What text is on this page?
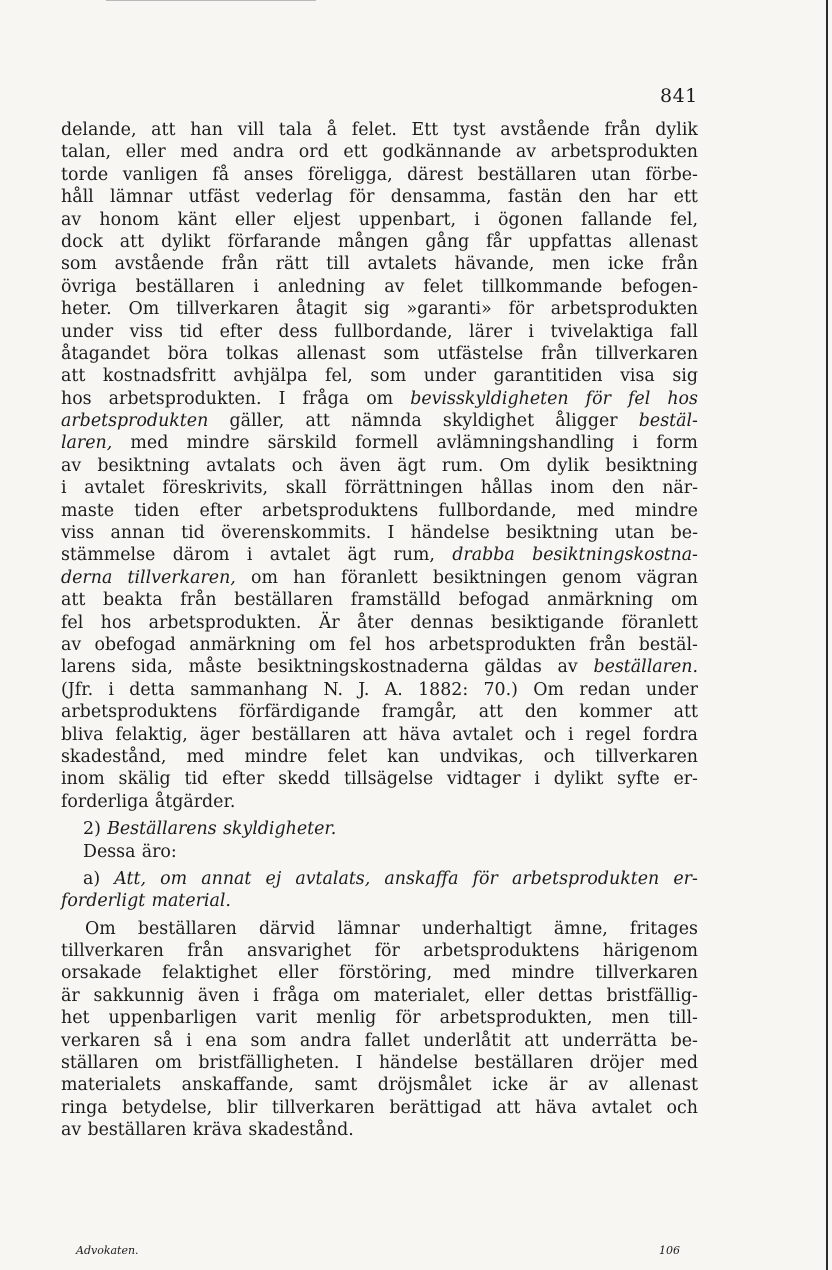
841
delande, att han vill tala å felet. Ett tyst avstående från dylik
talan, eller med andra ord ett godkännande av arbetsprodukten
torde vanligen få anses föreligga, därest beställaren utan förbe-
håll lämnar utfäst vederlag för densamma, fastän den har ett
av honom känt eller eljest uppenbart, i ögonen fallande fel,
dock att dylikt förfarande mången gång får uppfattas allenast
som avstående från rätt till avtalets hävande, men icke från
övriga beställaren i anledning av felet tillkommande befogen-
heter. Om tillverkaren åtagit sig »garanti» för arbetsprodukten
under viss tid efter dess fullbordande, lärer i tvivelaktiga fall
åtagandet böra tolkas allenast som utfästelse från tillverkaren
att kostnadsfritt avhjälpa fel, som under garantitiden visa sig
hos arbetsprodukten. I fråga om bevisskyldigheten för fel hos
arbetsprodukten gäller, att nämnda skyldighet åligger bestäl-
laren, med mindre särskild formell avlämningshandling i form
av besiktning avtalats och även ägt rum. Om dylik besiktning
i avtalet föreskrivits, skall förrättningen hållas inom den när-
maste tiden efter arbetsproduktens fullbordande, med mindre
viss annan tid överenskommits. I händelse besiktning utan be-
stämmelse därom i avtalet ägt rum, drabba besiktningskostna-
derna tillverkaren, om han föranlett besiktningen genom vägran
att beakta från beställaren framställd befogad anmärkning om
fel hos arbetsprodukten. Är åter dennas besiktigande föranlett
av obefogad anmärkning om fel hos arbetsprodukten från bestäl-
larens sida, måste besiktningskostnaderna gäldas av beställaren.
(Jfr. i detta sammanhang N. J. A. 1882: 70.) Om redan under
arbetsproduktens förfärdigande framgår, att den kommer att
bliva felaktig, äger beställaren att häva avtalet och i regel fordra
skadestånd, med mindre felet kan undvikas, och tillverkaren
inom skälig tid efter skedd tillsägelse vidtager i dylikt syfte er-
forderliga åtgärder.
2) Beställarens skyldigheter.
Dessa äro:
a) Att, om annat ej avtalats, anskaffa för arbetsprodukten er-
forderligt material.
Om beställaren därvid lämnar underhaltigt ämne, fritages
tillverkaren från ansvarighet för arbetsproduktens härigenom
orsakade felaktighet eller förstöring, med mindre tillverkaren
är sakkunnig även i fråga om materialet, eller dettas bristfällig-
het uppenbarligen varit menlig för arbetsprodukten, men till-
verkaren så i ena som andra fallet underlåtit att underrätta be-
ställaren om bristfälligheten. I händelse beställaren dröjer med
materialets anskaffande, samt dröjsmålet icke är av allenast
ringa betydelse, blir tillverkaren berättigad att häva avtalet och
av beställaren kräva skadestånd.
Advokaten.	106
